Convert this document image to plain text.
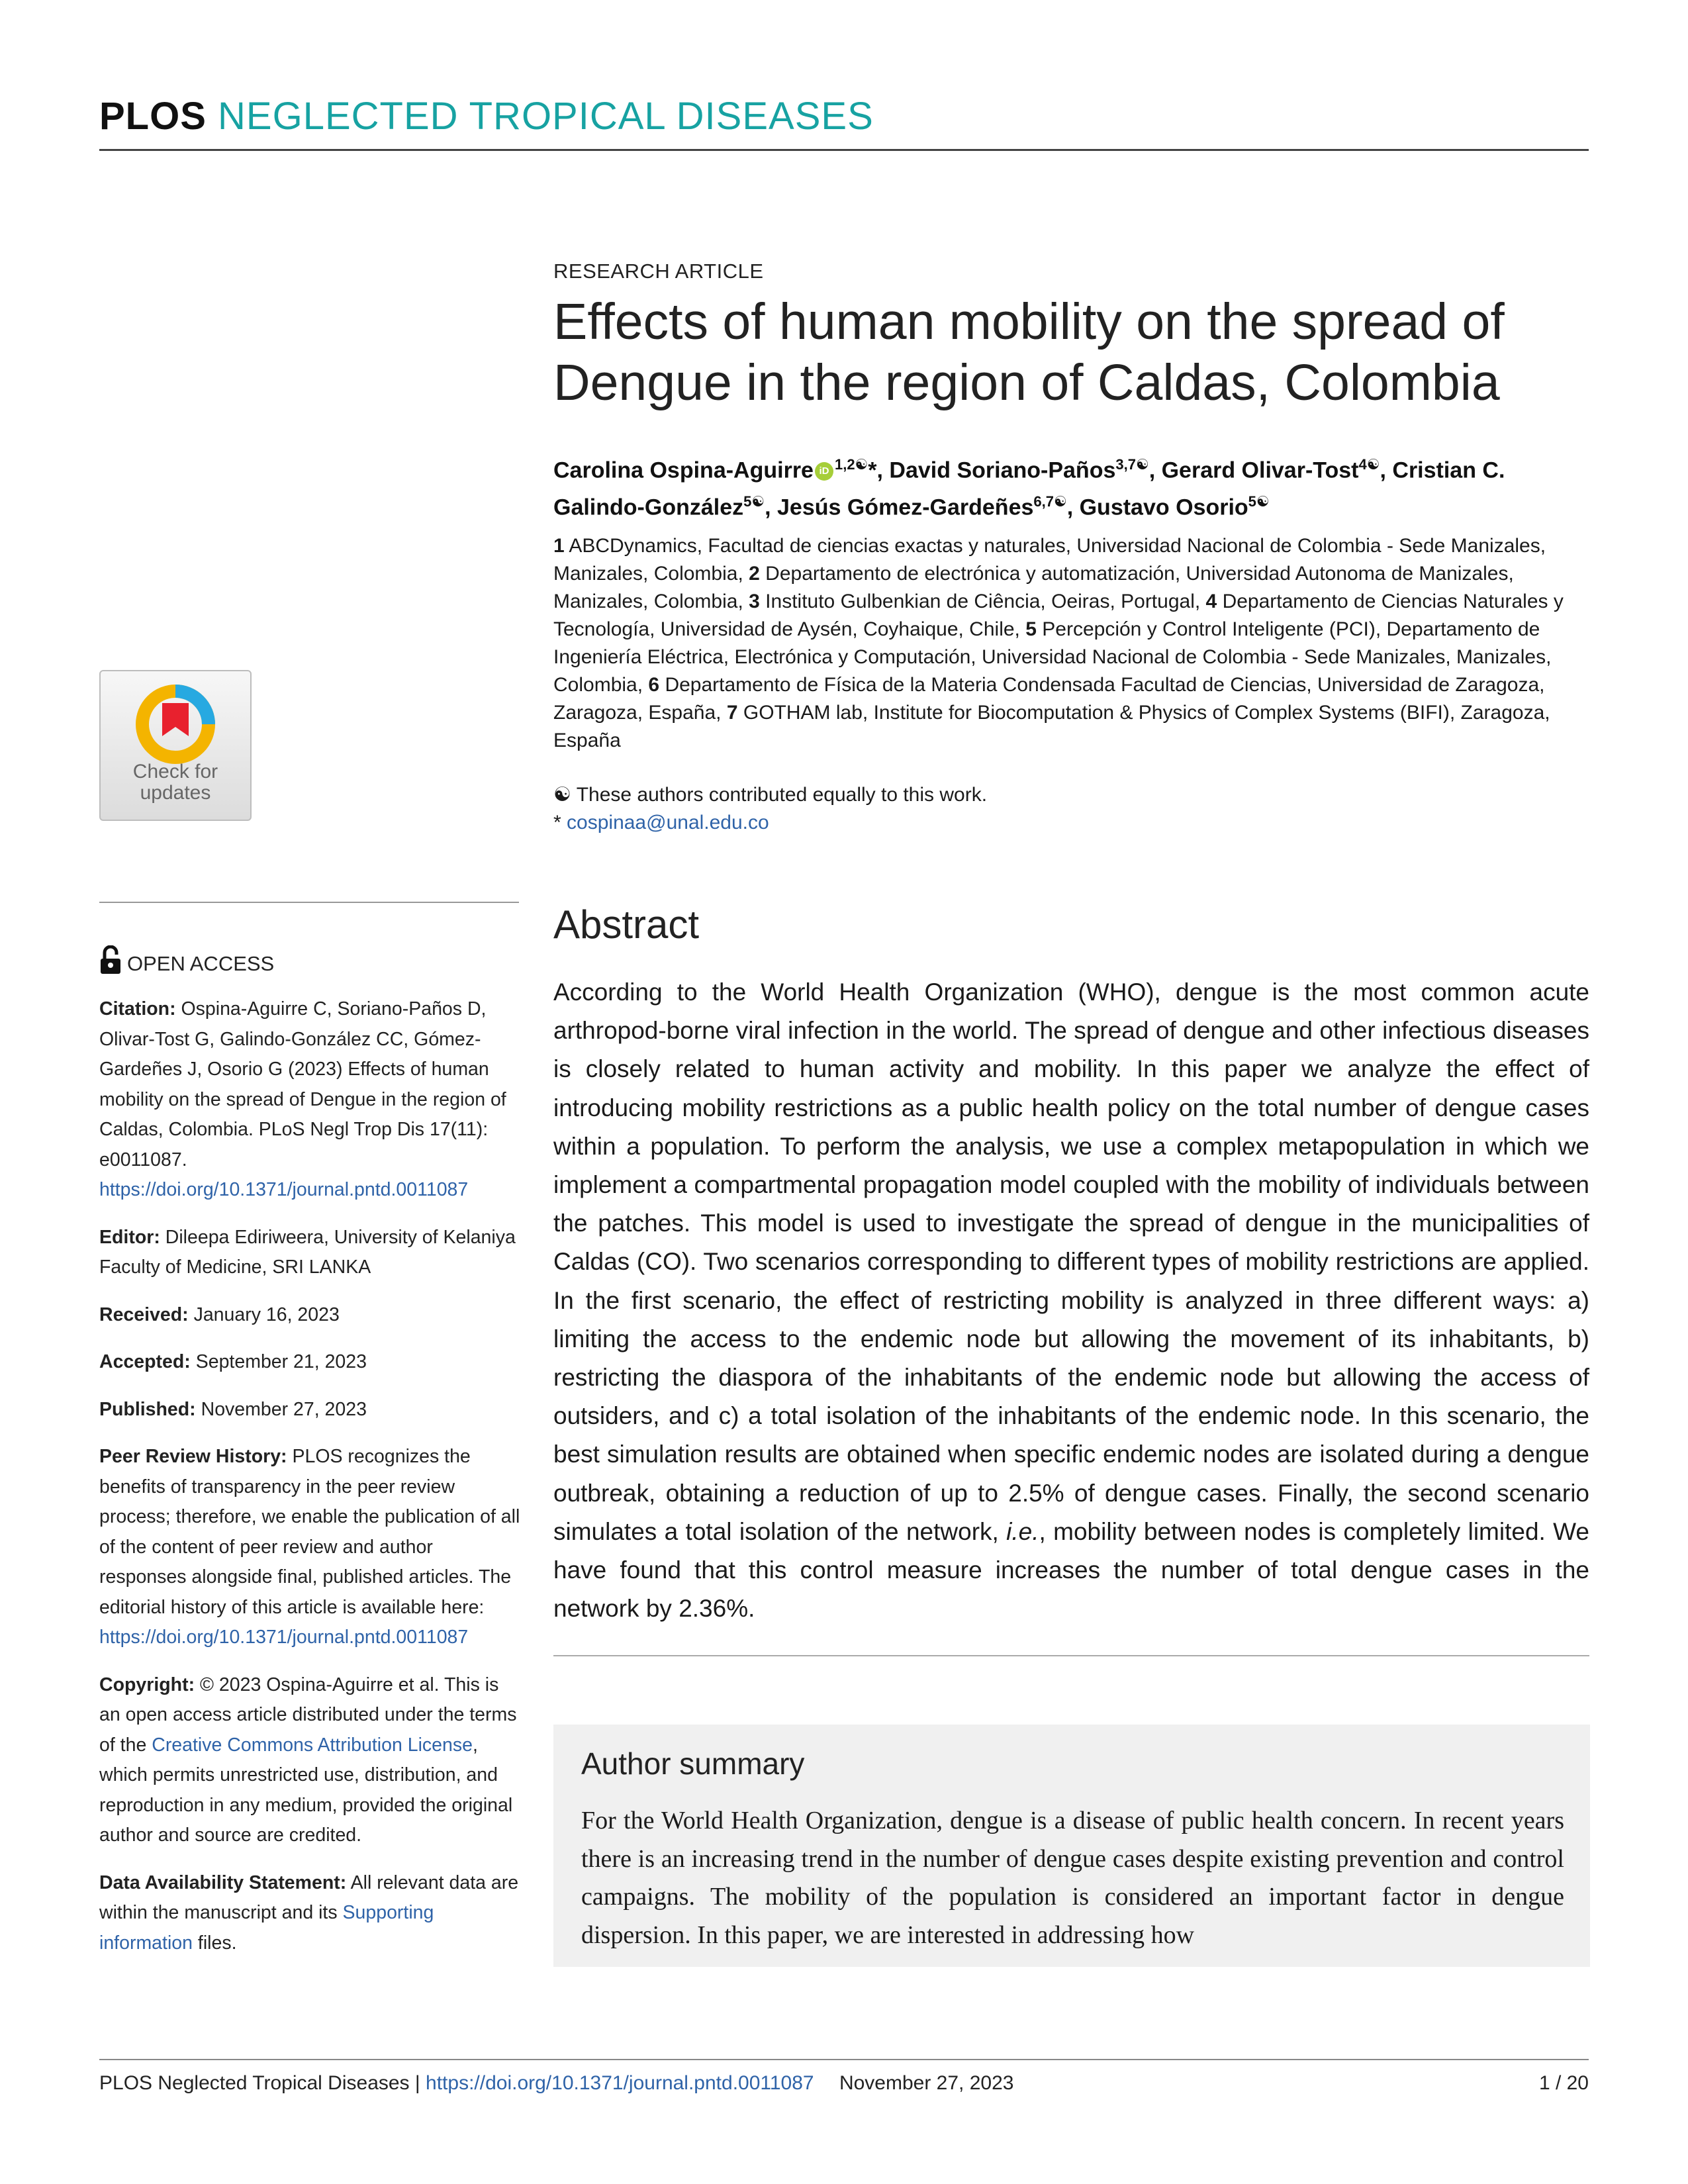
PLOS NEGLECTED TROPICAL DISEASES
RESEARCH ARTICLE
Effects of human mobility on the spread of Dengue in the region of Caldas, Colombia
Carolina Ospina-Aguirre iD $^{1,2☯}$*, David Soriano-Paños$^{3,7☯}$, Gerard Olivar-Tost$^{4☯}$, Cristian C. Galindo-González$^{5☯}$, Jesús Gómez-Gardeñes$^{6,7☯}$, Gustavo Osorio$^{5☯}$
1 ABCDynamics, Facultad de ciencias exactas y naturales, Universidad Nacional de Colombia - Sede Manizales, Manizales, Colombia, 2 Departamento de electrónica y automatización, Universidad Autonoma de Manizales, Manizales, Colombia, 3 Instituto Gulbenkian de Ciência, Oeiras, Portugal, 4 Departamento de Ciencias Naturales y Tecnología, Universidad de Aysén, Coyhaique, Chile, 5 Percepción y Control Inteligente (PCI), Departamento de Ingeniería Eléctrica, Electrónica y Computación, Universidad Nacional de Colombia - Sede Manizales, Manizales, Colombia, 6 Departamento de Física de la Materia Condensada Facultad de Ciencias, Universidad de Zaragoza, Zaragoza, España, 7 GOTHAM lab, Institute for Biocomputation & Physics of Complex Systems (BIFI), Zaragoza, España
☯ These authors contributed equally to this work.
* cospinaa@unal.edu.co
Check for
updates
OPEN ACCESS

Citation: Ospina-Aguirre C, Soriano-Paños D, Olivar-Tost G, Galindo-González CC, Gómez-Gardeñes J, Osorio G (2023) Effects of human mobility on the spread of Dengue in the region of Caldas, Colombia. PLoS Negl Trop Dis 17(11): e0011087. https://doi.org/10.1371/journal.pntd.0011087

Editor: Dileepa Ediriweera, University of Kelaniya Faculty of Medicine, SRI LANKA

Received: January 16, 2023

Accepted: September 21, 2023

Published: November 27, 2023

Peer Review History: PLOS recognizes the benefits of transparency in the peer review process; therefore, we enable the publication of all of the content of peer review and author responses alongside final, published articles. The editorial history of this article is available here: https://doi.org/10.1371/journal.pntd.0011087

Copyright: © 2023 Ospina-Aguirre et al. This is an open access article distributed under the terms of the Creative Commons Attribution License, which permits unrestricted use, distribution, and reproduction in any medium, provided the original author and source are credited.

Data Availability Statement: All relevant data are within the manuscript and its Supporting information files.

Abstract
According to the World Health Organization (WHO), dengue is the most common acute arthropod-borne viral infection in the world. The spread of dengue and other infectious diseases is closely related to human activity and mobility. In this paper we analyze the effect of introducing mobility restrictions as a public health policy on the total number of dengue cases within a population. To perform the analysis, we use a complex metapopulation in which we implement a compartmental propagation model coupled with the mobility of individuals between the patches. This model is used to investigate the spread of dengue in the municipalities of Caldas (CO). Two scenarios corresponding to different types of mobility restrictions are applied. In the first scenario, the effect of restricting mobility is analyzed in three different ways: a) limiting the access to the endemic node but allowing the movement of its inhabitants, b) restricting the diaspora of the inhabitants of the endemic node but allowing the access of outsiders, and c) a total isolation of the inhabitants of the endemic node. In this scenario, the best simulation results are obtained when specific endemic nodes are isolated during a dengue outbreak, obtaining a reduction of up to 2.5% of dengue cases. Finally, the second scenario simulates a total isolation of the network, i.e., mobility between nodes is completely limited. We have found that this control measure increases the number of total dengue cases in the network by 2.36%.
Author summary
For the World Health Organization, dengue is a disease of public health concern. In recent years there is an increasing trend in the number of dengue cases despite existing prevention and control campaigns. The mobility of the population is considered an important factor in dengue dispersion. In this paper, we are interested in addressing how
PLOS Neglected Tropical Diseases | https://doi.org/10.1371/journal.pntd.0011087 November 27, 2023	1 / 20
